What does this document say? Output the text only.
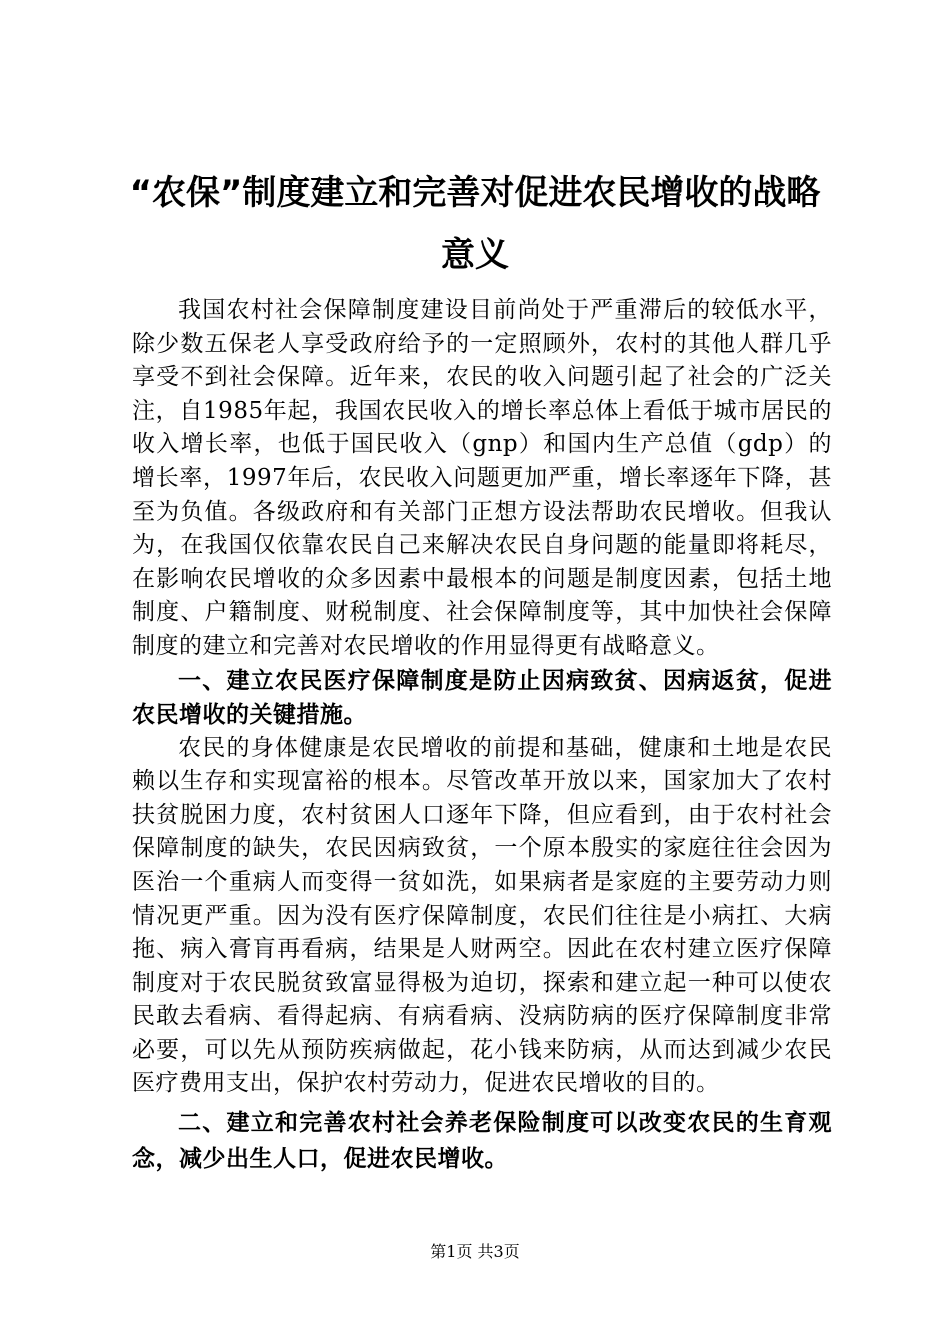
“农保”制度建立和完善对促进农民增收的战略意义

我国农村社会保障制度建设目前尚处于严重滞后的较低水平，除少数五保老人享受政府给予的一定照顾外，农村的其他人群几乎享受不到社会保障。近年来，农民的收入问题引起了社会的广泛关注，自1985年起，我国农民收入的增长率总体上看低于城市居民的收入增长率，也低于国民收入（gnp）和国内生产总值（gdp）的增长率，1997年后，农民收入问题更加严重，增长率逐年下降，甚至为负值。各级政府和有关部门正想方设法帮助农民增收。但我认为，在我国仅依靠农民自己来解决农民自身问题的能量即将耗尽，在影响农民增收的众多因素中最根本的问题是制度因素，包括土地制度、户籍制度、财税制度、社会保障制度等，其中加快社会保障制度的建立和完善对农民增收的作用显得更有战略意义。

一、建立农民医疗保障制度是防止因病致贫、因病返贫，促进农民增收的关键措施。

农民的身体健康是农民增收的前提和基础，健康和土地是农民赖以生存和实现富裕的根本。尽管改革开放以来，国家加大了农村扶贫脱困力度，农村贫困人口逐年下降，但应看到，由于农村社会保障制度的缺失，农民因病致贫，一个原本殷实的家庭往往会因为医治一个重病人而变得一贫如洗，如果病者是家庭的主要劳动力则情况更严重。因为没有医疗保障制度，农民们往往是小病扛、大病拖、病入膏肓再看病，结果是人财两空。因此在农村建立医疗保障制度对于农民脱贫致富显得极为迫切，探索和建立起一种可以使农民敢去看病、看得起病、有病看病、没病防病的医疗保障制度非常必要，可以先从预防疾病做起，花小钱来防病，从而达到减少农民医疗费用支出，保护农村劳动力，促进农民增收的目的。

二、建立和完善农村社会养老保险制度可以改变农民的生育观念，减少出生人口，促进农民增收。

第1页 共3页
